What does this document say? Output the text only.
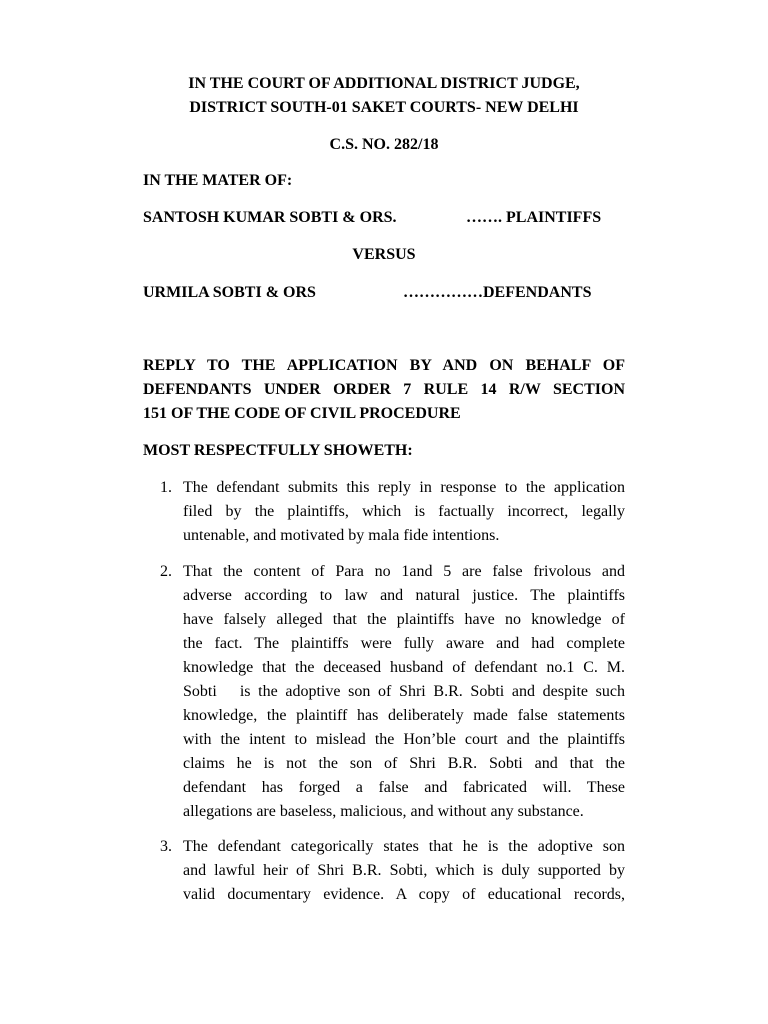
IN THE COURT OF ADDITIONAL DISTRICT JUDGE,
DISTRICT SOUTH-01 SAKET COURTS- NEW DELHI
C.S. NO. 282/18
IN THE MATER OF:
SANTOSH KUMAR SOBTI & ORS.	……. PLAINTIFFS
VERSUS
URMILA SOBTI & ORS	……………DEFENDANTS
REPLY TO THE APPLICATION BY AND ON BEHALF OF
DEFENDANTS UNDER ORDER 7 RULE 14 R/W SECTION
151 OF THE CODE OF CIVIL PROCEDURE
MOST RESPECTFULLY SHOWETH:
1. The defendant submits this reply in response to the application
filed by the plaintiffs, which is factually incorrect, legally
untenable, and motivated by mala fide intentions.
2. That the content of Para no 1and 5 are false frivolous and
adverse according to law and natural justice. The plaintiffs
have falsely alleged that the plaintiffs have no knowledge of
the fact. The plaintiffs were fully aware and had complete
knowledge that the deceased husband of defendant no.1 C. M.
Sobti   is the adoptive son of Shri B.R. Sobti and despite such
knowledge, the plaintiff has deliberately made false statements
with the intent to mislead the Hon’ble court and the plaintiffs
claims he is not the son of Shri B.R. Sobti and that the
defendant has forged a false and fabricated will. These
allegations are baseless, malicious, and without any substance.
3. The defendant categorically states that he is the adoptive son
and lawful heir of Shri B.R. Sobti, which is duly supported by
valid documentary evidence. A copy of educational records,
